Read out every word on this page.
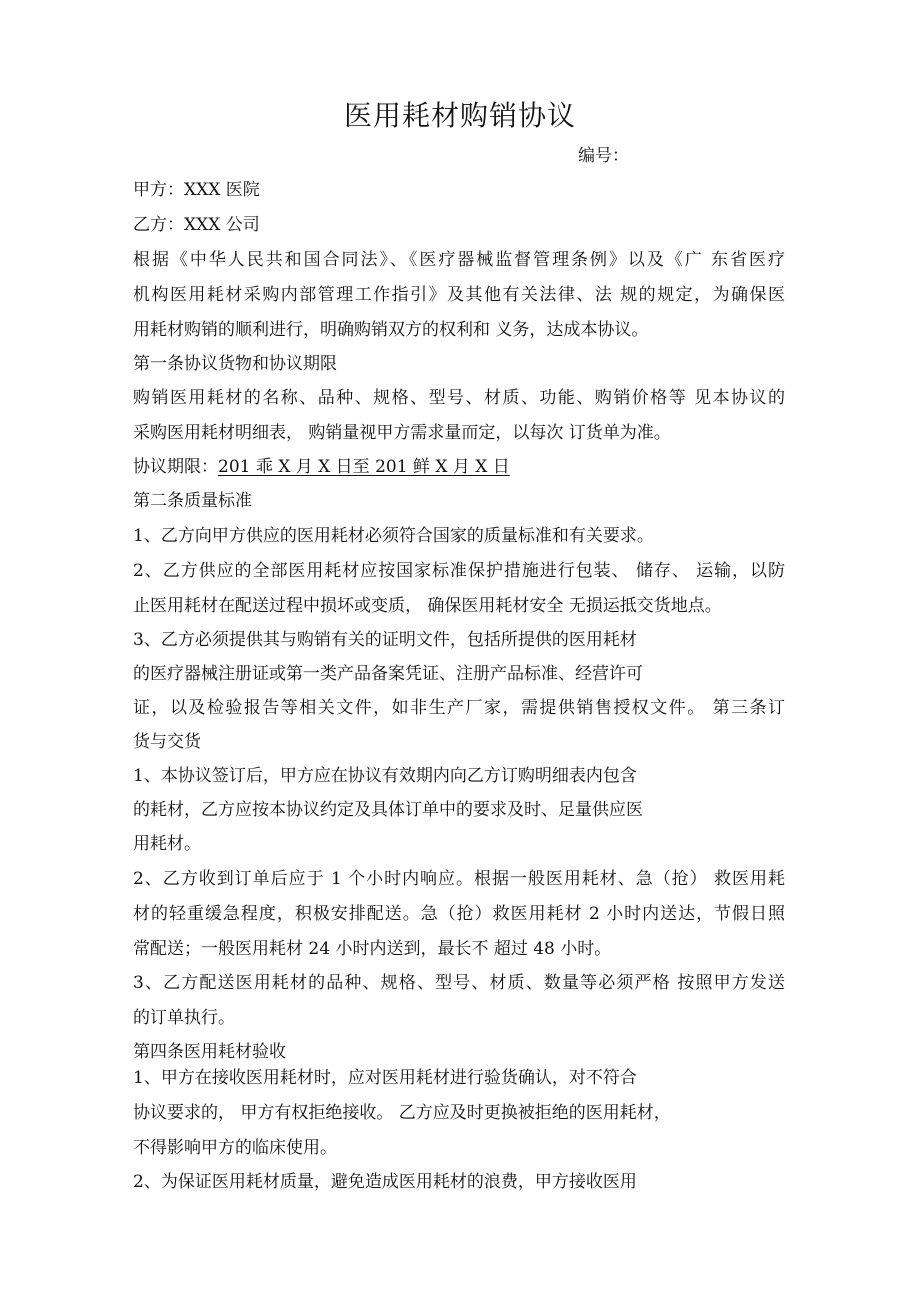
医用耗材购销协议
编号：
甲方：XXX 医院
乙方：XXX 公司
根据《中华人民共和国合同法》、《医疗器械监督管理条例》以及《广 东省医疗
机构医用耗材采购内部管理工作指引》及其他有关法律、法 规的规定，为确保医
用耗材购销的顺利进行，明确购销双方的权利和 义务，达成本协议。
第一条协议货物和协议期限
购销医用耗材的名称、品种、规格、型号、材质、功能、购销价格等 见本协议的
采购医用耗材明细表， 购销量视甲方需求量而定，以每次 订货单为准。
协议期限：201 乖 X 月 X 日至 201 鲜 X 月 X 日
第二条质量标准
1、乙方向甲方供应的医用耗材必须符合国家的质量标准和有关要求。
2、乙方供应的全部医用耗材应按国家标准保护措施进行包装、 储存、 运输，以防
止医用耗材在配送过程中损坏或变质， 确保医用耗材安全 无损运抵交货地点。
3、乙方必须提供其与购销有关的证明文件，包括所提供的医用耗材
的医疗器械注册证或第一类产品备案凭证、注册产品标准、经营许可
证，以及检验报告等相关文件，如非生产厂家，需提供销售授权文件。 第三条订
货与交货
1、本协议签订后，甲方应在协议有效期内向乙方订购明细表内包含
的耗材，乙方应按本协议约定及具体订单中的要求及时、足量供应医
用耗材。
2、乙方收到订单后应于 1 个小时内响应。根据一般医用耗材、急（抢） 救医用耗
材的轻重缓急程度，积极安排配送。急（抢）救医用耗材 2 小时内送达，节假日照
常配送；一般医用耗材 24 小时内送到，最长不 超过 48 小时。
3、乙方配送医用耗材的品种、规格、型号、材质、数量等必须严格 按照甲方发送
的订单执行。
第四条医用耗材验收
1、甲方在接收医用耗材时，应对医用耗材进行验货确认，对不符合
协议要求的， 甲方有权拒绝接收。 乙方应及时更换被拒绝的医用耗材，
不得影响甲方的临床使用。
2、为保证医用耗材质量，避免造成医用耗材的浪费，甲方接收医用
